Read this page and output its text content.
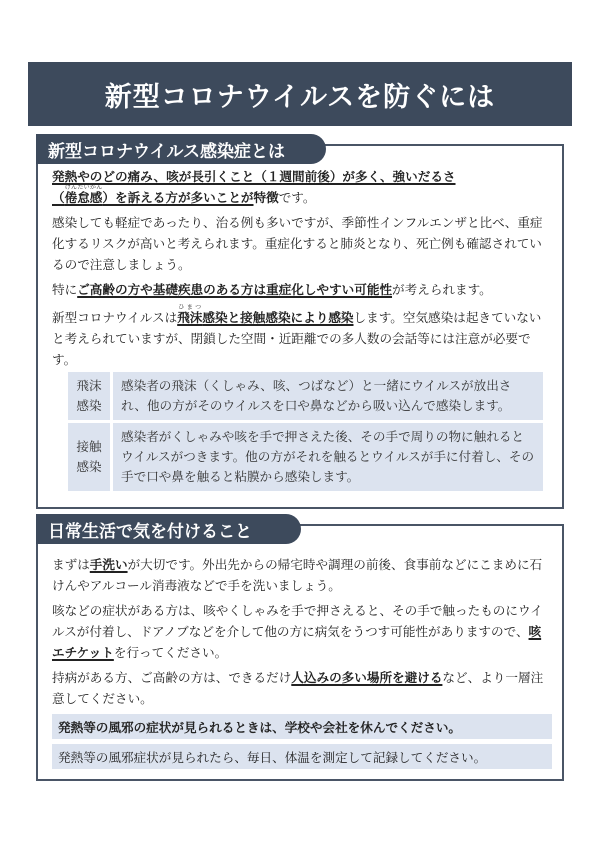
新型コロナウイルスを防ぐには
新型コロナウイルス感染症とは
発熱やのどの痛み、咳が長引くこと（１週間前後）が多く、強いだるさ
（倦怠感けんたいかん）を訴える方が多いことが特徴です。
感染しても軽症であったり、治る例も多いですが、季節性インフルエンザと比べ、重症化するリスクが高いと考えられます。重症化すると肺炎となり、死亡例も確認されているので注意しましょう。
特にご高齢の方や基礎疾患のある方は重症化しやすい可能性が考えられます。
新型コロナウイルスは飛沫ひまつ感染と接触感染により感染します。空気感染は起きていないと考えられていますが、閉鎖した空間・近距離での多人数の会話等には注意が必要です。
飛沫
感染
感染者の飛沫（くしゃみ、咳、つばなど）と一緒にウイルスが放出され、他の方がそのウイルスを口や鼻などから吸い込んで感染します。
接触
感染
感染者がくしゃみや咳を手で押さえた後、その手で周りの物に触れるとウイルスがつきます。他の方がそれを触るとウイルスが手に付着し、その手で口や鼻を触ると粘膜から感染します。
日常生活で気を付けること
まずは手洗いが大切です。外出先からの帰宅時や調理の前後、食事前などにこまめに石けんやアルコール消毒液などで手を洗いましょう。
咳などの症状がある方は、咳やくしゃみを手で押さえると、その手で触ったものにウイルスが付着し、ドアノブなどを介して他の方に病気をうつす可能性がありますので、咳エチケットを行ってください。
持病がある方、ご高齢の方は、できるだけ人込みの多い場所を避けるなど、より一層注意してください。
発熱等の風邪の症状が見られるときは、学校や会社を休んでください。
発熱等の風邪症状が見られたら、毎日、体温を測定して記録してください。
